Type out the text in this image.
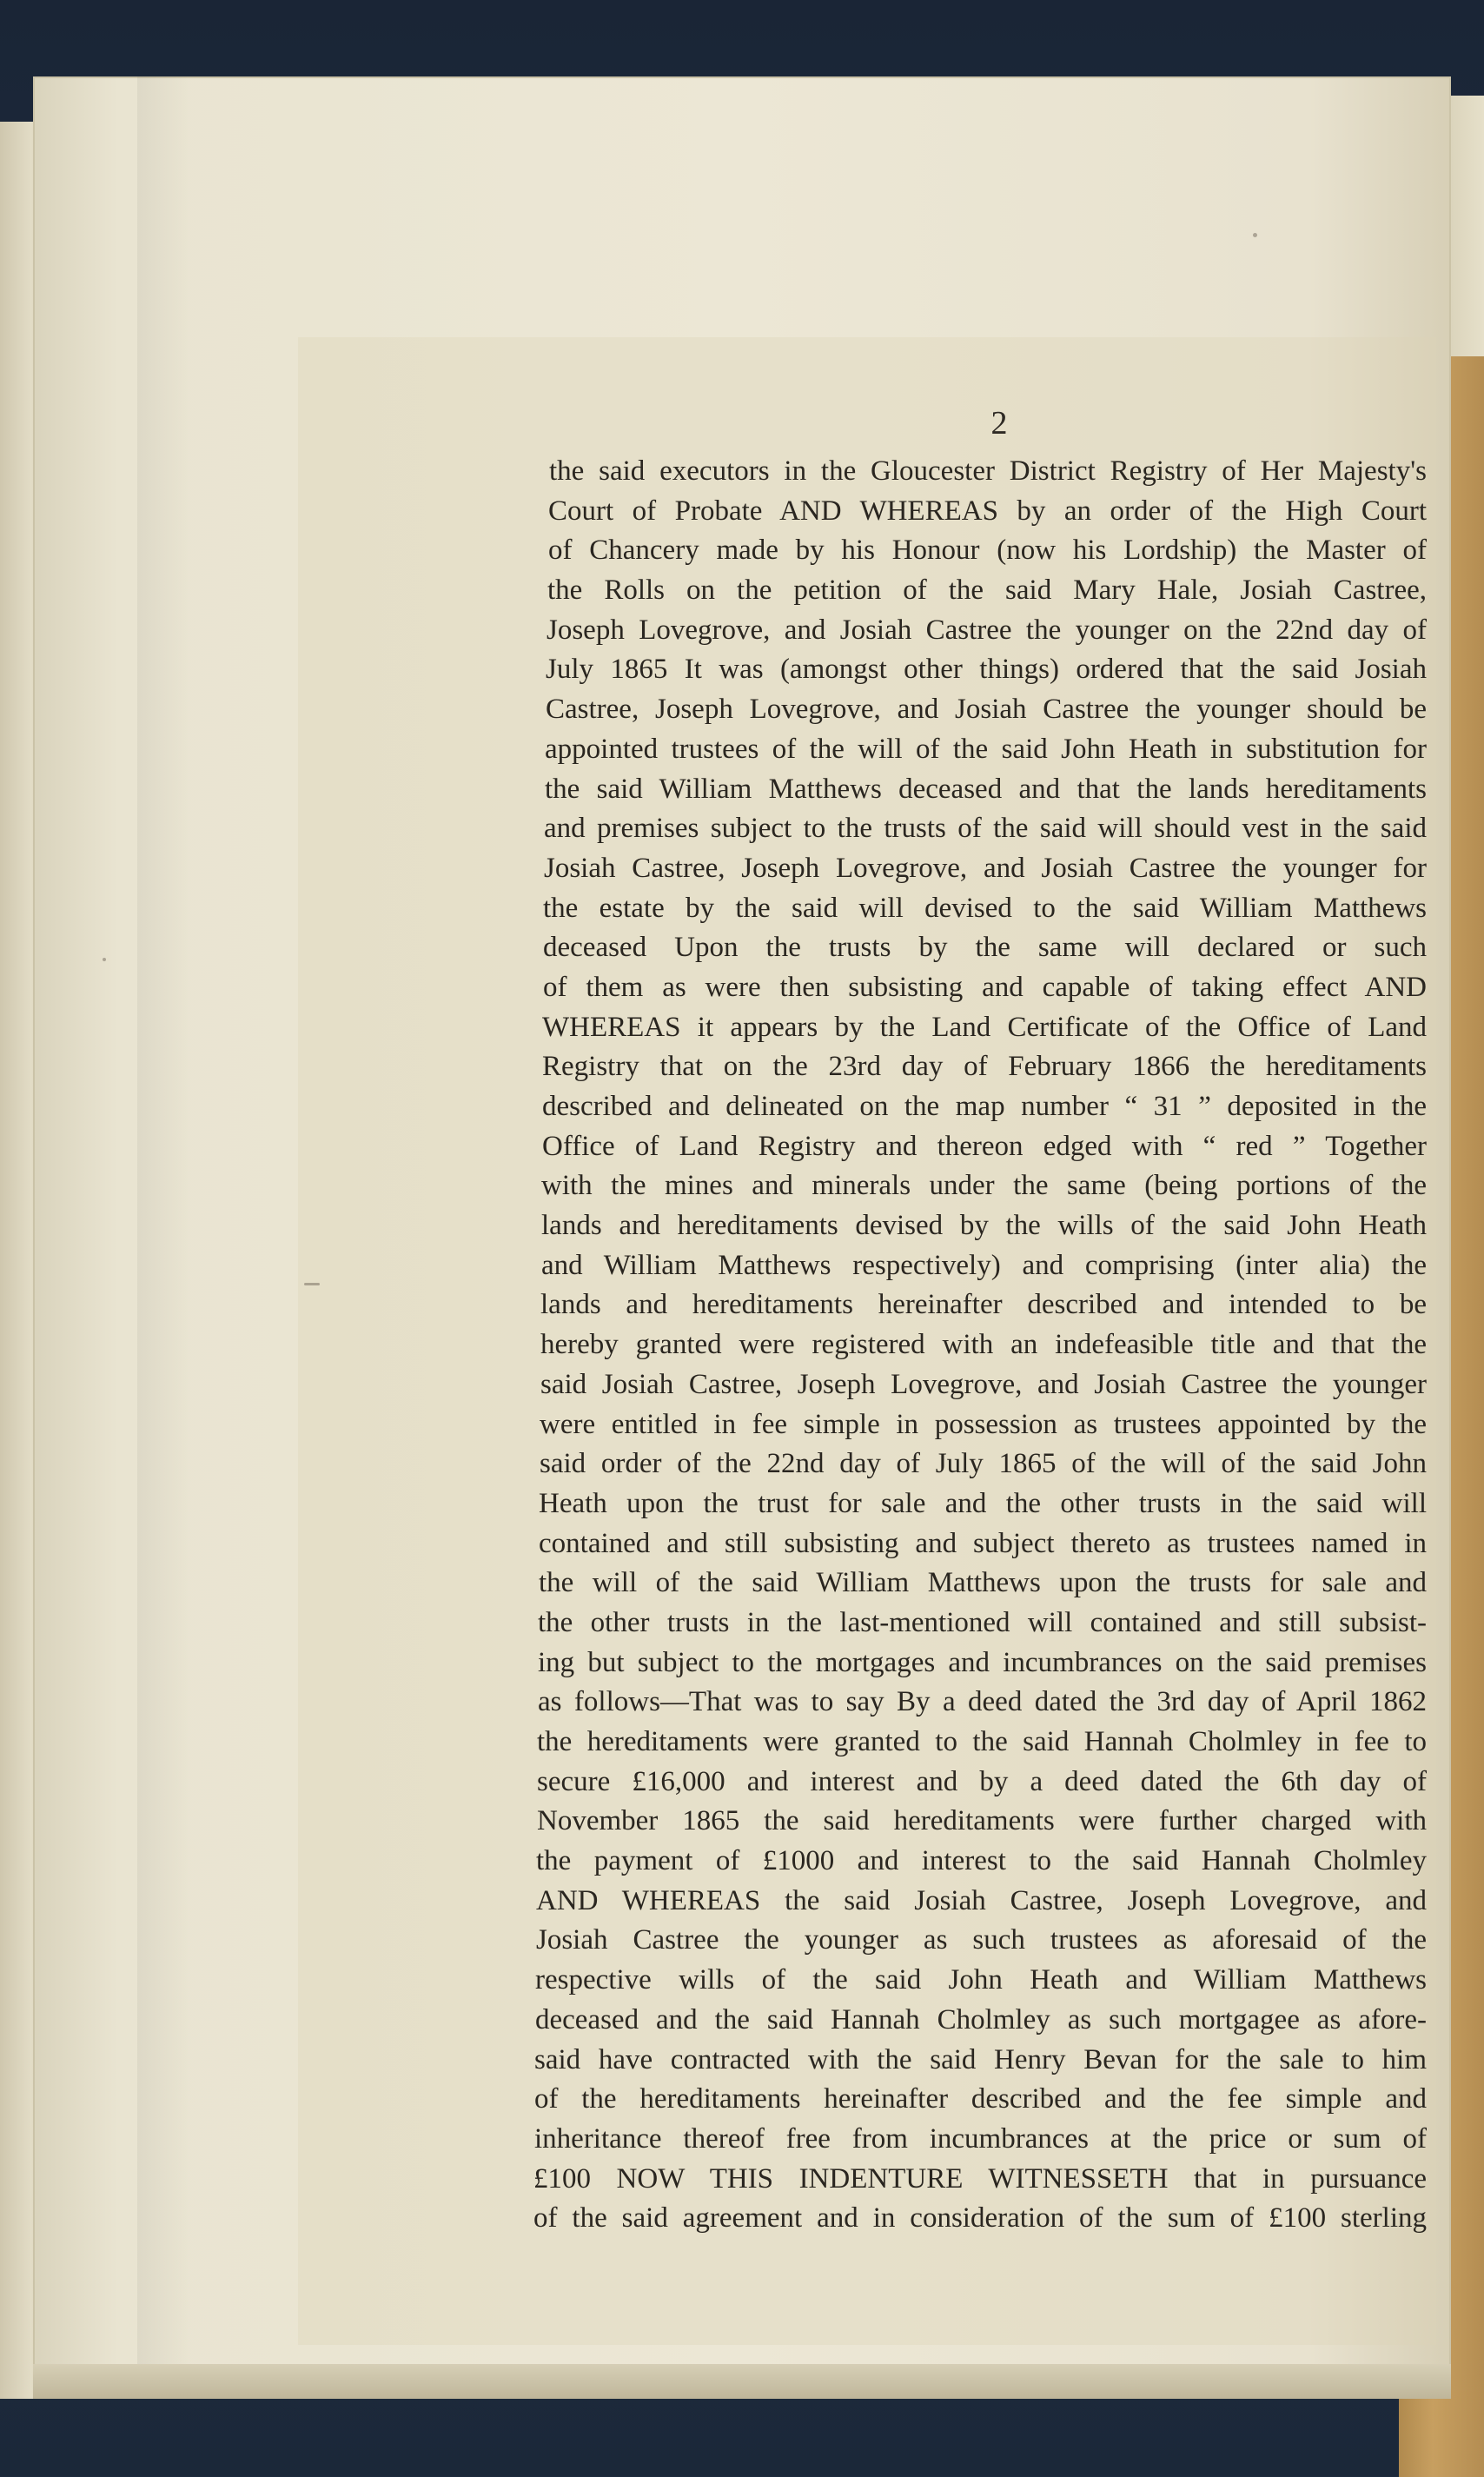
2
the said executors in the Gloucester District Registry of Her Majesty's
Court of Probate AND WHEREAS by an order of the High Court
of Chancery made by his Honour (now his Lordship) the Master of
the Rolls on the petition of the said Mary Hale, Josiah Castree,
Joseph Lovegrove, and Josiah Castree the younger on the 22nd day of
July 1865 It was (amongst other things) ordered that the said Josiah
Castree, Joseph Lovegrove, and Josiah Castree the younger should be
appointed trustees of the will of the said John Heath in substitution for
the said William Matthews deceased and that the lands hereditaments
and premises subject to the trusts of the said will should vest in the said
Josiah Castree, Joseph Lovegrove, and Josiah Castree the younger for
the estate by the said will devised to the said William Matthews
deceased Upon the trusts by the same will declared or such
of them as were then subsisting and capable of taking effect AND
WHEREAS it appears by the Land Certificate of the Office of Land
Registry that on the 23rd day of February 1866 the hereditaments
described and delineated on the map number “ 31 ” deposited in the
Office of Land Registry and thereon edged with “ red ” Together
with the mines and minerals under the same (being portions of the
lands and hereditaments devised by the wills of the said John Heath
and William Matthews respectively) and comprising (inter alia) the
lands and hereditaments hereinafter described and intended to be
hereby granted were registered with an indefeasible title and that the
said Josiah Castree, Joseph Lovegrove, and Josiah Castree the younger
were entitled in fee simple in possession as trustees appointed by the
said order of the 22nd day of July 1865 of the will of the said John
Heath upon the trust for sale and the other trusts in the said will
contained and still subsisting and subject thereto as trustees named in
the will of the said William Matthews upon the trusts for sale and
the other trusts in the last-mentioned will contained and still subsist-
ing but subject to the mortgages and incumbrances on the said premises
as follows—That was to say By a deed dated the 3rd day of April 1862
the hereditaments were granted to the said Hannah Cholmley in fee to
secure £16,000 and interest and by a deed dated the 6th day of
November 1865 the said hereditaments were further charged with
the payment of £1000 and interest to the said Hannah Cholmley
AND WHEREAS the said Josiah Castree, Joseph Lovegrove, and
Josiah Castree the younger as such trustees as aforesaid of the
respective wills of the said John Heath and William Matthews
deceased and the said Hannah Cholmley as such mortgagee as afore-
said have contracted with the said Henry Bevan for the sale to him
of the hereditaments hereinafter described and the fee simple and
inheritance thereof free from incumbrances at the price or sum of
£100 NOW THIS INDENTURE WITNESSETH that in pursuance
of the said agreement and in consideration of the sum of £100 sterling
